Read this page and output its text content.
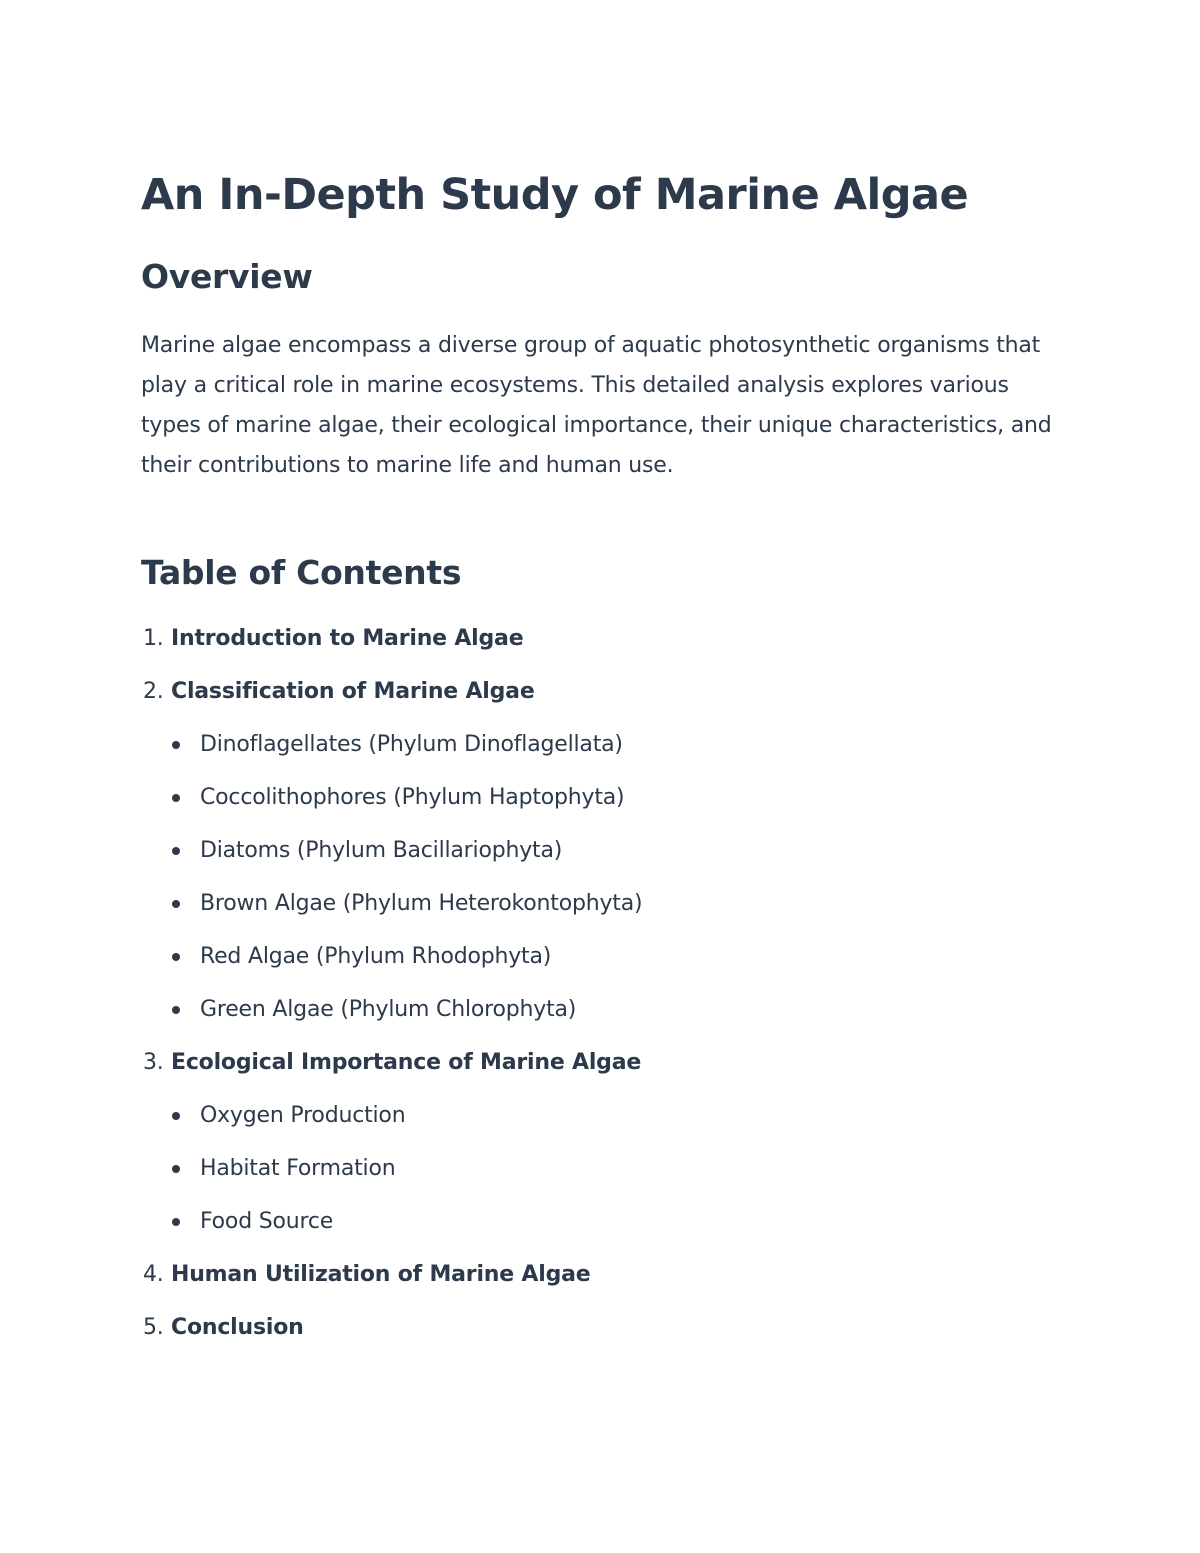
An In-Depth Study of Marine Algae
Overview

Marine algae encompass a diverse group of aquatic photosynthetic organisms that play a critical role in marine ecosystems. This detailed analysis explores various types of marine algae, their ecological importance, their unique characteristics, and their contributions to marine life and human use.

Table of Contents
1. Introduction to Marine Algae
2. Classification of Marine Algae
Dinoflagellates (Phylum Dinoflagellata)
Coccolithophores (Phylum Haptophyta)
Diatoms (Phylum Bacillariophyta)
Brown Algae (Phylum Heterokontophyta)
Red Algae (Phylum Rhodophyta)
Green Algae (Phylum Chlorophyta)
3. Ecological Importance of Marine Algae
Oxygen Production
Habitat Formation
Food Source
4. Human Utilization of Marine Algae
5. Conclusion
